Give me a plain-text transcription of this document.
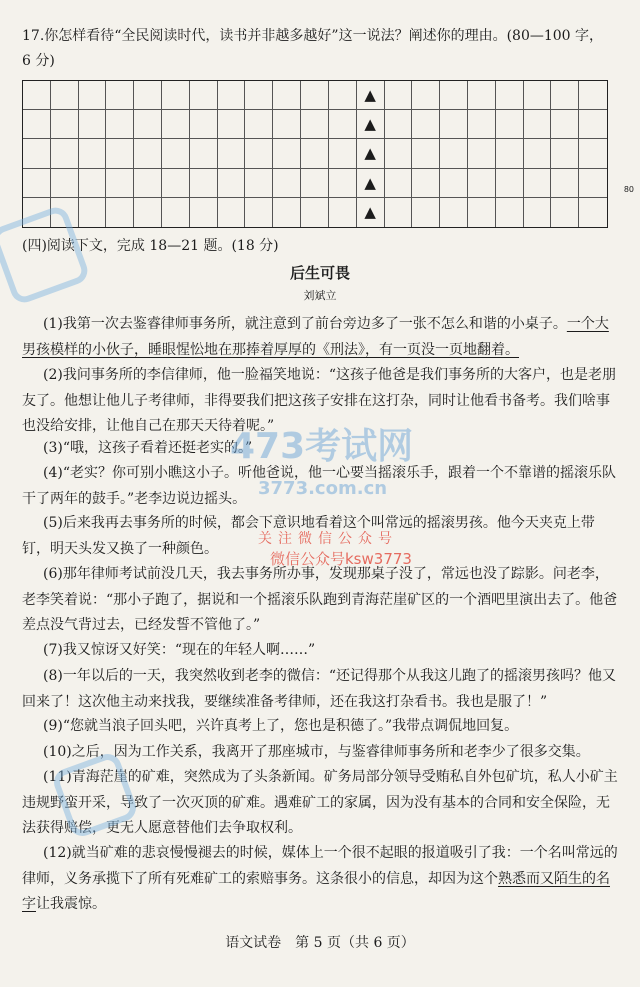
17.你怎样看待“全民阅读时代，读书并非越多越好”这一说法？阐述你的理由。(80—100 字，
6 分)
▲
▲
▲
▲
▲
80
(四)阅读下文，完成 18—21 题。(18 分)
后生可畏
刘斌立
(1)我第一次去鉴睿律师事务所，就注意到了前台旁边多了一张不怎么和谐的小桌子。一个大男孩模样的小伙子，睡眼惺忪地在那捧着厚厚的《刑法》，有一页没一页地翻着。
(2)我问事务所的李信律师，他一脸福笑地说：“这孩子他爸是我们事务所的大客户，也是老朋友了。他想让他儿子考律师，非得要我们把这孩子安排在这打杂，同时让他看书备考。我们啥事也没给安排，让他自己在那天天待着呢。”
(3)“哦，这孩子看着还挺老实的。”
(4)“老实？你可别小瞧这小子。听他爸说，他一心要当摇滚乐手，跟着一个不靠谱的摇滚乐队干了两年的鼓手。”老李边说边摇头。
(5)后来我再去事务所的时候，都会下意识地看着这个叫常远的摇滚男孩。他今天夹克上带钉，明天头发又换了一种颜色。
(6)那年律师考试前没几天，我去事务所办事，发现那桌子没了，常远也没了踪影。问老李，老李笑着说：“那小子跑了，据说和一个摇滚乐队跑到青海茫崖矿区的一个酒吧里演出去了。他爸差点没气背过去，已经发誓不管他了。”
(7)我又惊讶又好笑：“现在的年轻人啊……”
(8)一年以后的一天，我突然收到老李的微信：“还记得那个从我这儿跑了的摇滚男孩吗？他又回来了！这次他主动来找我，要继续准备考律师，还在我这打杂看书。我也是服了！”
(9)“您就当浪子回头吧，兴许真考上了，您也是积德了。”我带点调侃地回复。
(10)之后，因为工作关系，我离开了那座城市，与鉴睿律师事务所和老李少了很多交集。
(11)青海茫崖的矿难，突然成为了头条新闻。矿务局部分领导受贿私自外包矿坑，私人小矿主违规野蛮开采，导致了一次灭顶的矿难。遇难矿工的家属，因为没有基本的合同和安全保险，无法获得赔偿，更无人愿意替他们去争取权利。
(12)就当矿难的悲哀慢慢褪去的时候，媒体上一个很不起眼的报道吸引了我：一个名叫常远的律师，义务承揽下了所有死难矿工的索赔事务。这条很小的信息，却因为这个熟悉而又陌生的名字让我震惊。
语文试卷　第 5 页（共 6 页）
473考试网
3773.com.cn
关注微信公众号
微信公众号ksw3773
